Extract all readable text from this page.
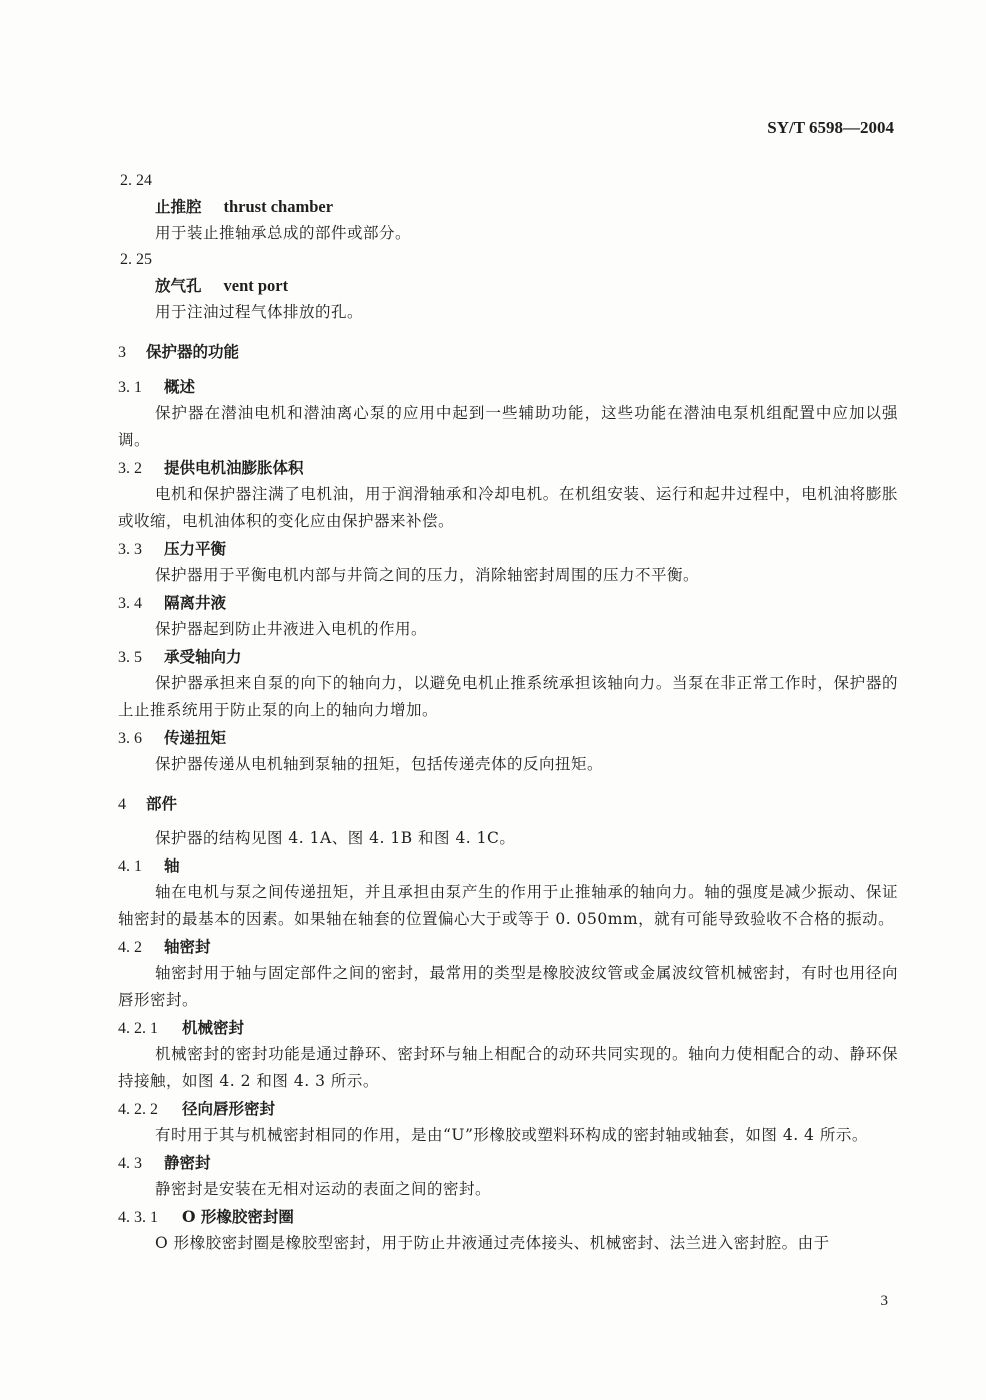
SY/T 6598—2004
2. 24
止推腔 thrust chamber
用于装止推轴承总成的部件或部分。
2. 25
放气孔 vent port
用于注油过程气体排放的孔。
3 保护器的功能
3. 1 概述
保护器在潜油电机和潜油离心泵的应用中起到一些辅助功能，这些功能在潜油电泵机组配置中应加以强调。
3. 2 提供电机油膨胀体积
电机和保护器注满了电机油，用于润滑轴承和冷却电机。在机组安装、运行和起井过程中，电机油将膨胀或收缩，电机油体积的变化应由保护器来补偿。
3. 3 压力平衡
保护器用于平衡电机内部与井筒之间的压力，消除轴密封周围的压力不平衡。
3. 4 隔离井液
保护器起到防止井液进入电机的作用。
3. 5 承受轴向力
保护器承担来自泵的向下的轴向力，以避免电机止推系统承担该轴向力。当泵在非正常工作时，保护器的上止推系统用于防止泵的向上的轴向力增加。
3. 6 传递扭矩
保护器传递从电机轴到泵轴的扭矩，包括传递壳体的反向扭矩。
4 部件
保护器的结构见图 4. 1A、图 4. 1B 和图 4. 1C。
4. 1 轴
轴在电机与泵之间传递扭矩，并且承担由泵产生的作用于止推轴承的轴向力。轴的强度是减少振动、保证轴密封的最基本的因素。如果轴在轴套的位置偏心大于或等于 0. 050mm，就有可能导致验收不合格的振动。
4. 2 轴密封
轴密封用于轴与固定部件之间的密封，最常用的类型是橡胶波纹管或金属波纹管机械密封，有时也用径向唇形密封。
4. 2. 1 机械密封
机械密封的密封功能是通过静环、密封环与轴上相配合的动环共同实现的。轴向力使相配合的动、静环保持接触，如图 4. 2 和图 4. 3 所示。
4. 2. 2 径向唇形密封
有时用于其与机械密封相同的作用，是由“U”形橡胶或塑料环构成的密封轴或轴套，如图 4. 4 所示。
4. 3 静密封
静密封是安装在无相对运动的表面之间的密封。
4. 3. 1 O 形橡胶密封圈
O 形橡胶密封圈是橡胶型密封，用于防止井液通过壳体接头、机械密封、法兰进入密封腔。由于
3
